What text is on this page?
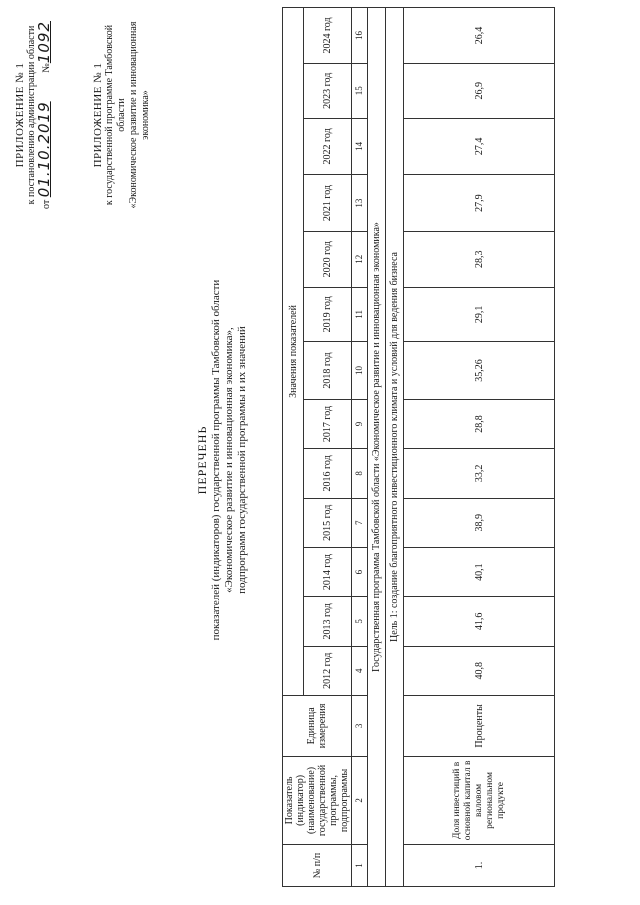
ПРИЛОЖЕНИЕ № 1 к постановлению администрации области
от 01.10.2019
№1092
ПРИЛОЖЕНИЕ № 1 к государственной программе Тамбовской области «Экономическое развитие и инновационная экономика»
ПЕРЕЧЕНЬ показателей (индикаторов) государственной программы Тамбовской области «Экономическое развитие и инновационная экономика», подпрограмм государственной программы и их значений
№ п/п	Показатель (индикатор) (наименование) государственной программы, подпрограммы	Единица измерения	Значения показателей												
			2012 год	2013 год	2014 год	2015 год	2016 год	2017 год	2018 год	2019 год	2020 год	2021 год	2022 год	2023 год	2024 год
1	2	3	4	5	6	7	8	9	10	11	12	13	14	15	16
Государственная программа Тамбовской области «Экономическое развитие и инновационная экономика»															
Цель 1: создание благоприятного инвестиционного климата и условий для ведения бизнеса															
1.	Доля инвестиций в основной капитал в валовом региональном продукте	Проценты	40,8	41,6	40,1	38,9	33,2	28,8	35,26	29,1	28,3	27,9	27,4	26,9	26,4
